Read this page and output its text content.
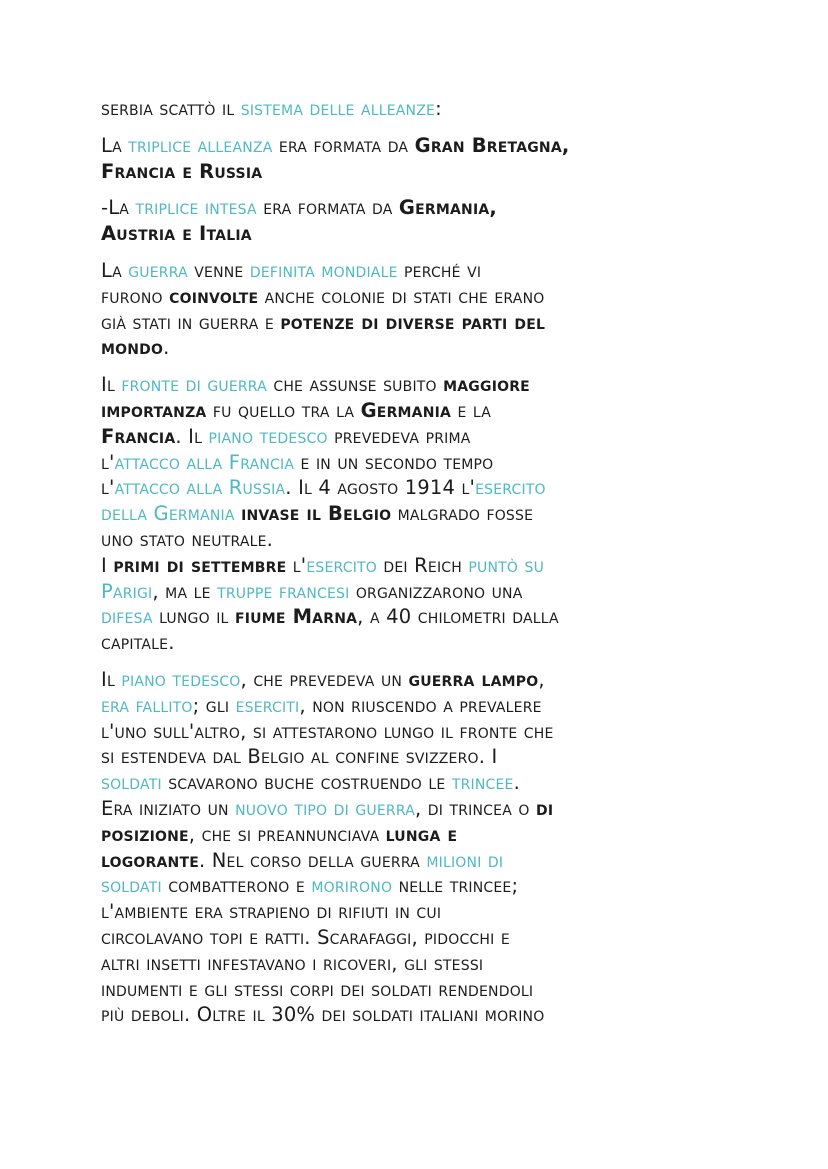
serbia scattò il sistema delle alleanze:
La triplice alleanza era formata da Gran Bretagna,
Francia e Russia
-La triplice intesa era formata da Germania,
Austria e Italia
La guerra venne definita mondiale perché vi
furono coinvolte anche colonie di stati che erano
già stati in guerra e potenze di diverse parti del
mondo.
Il fronte di guerra che assunse subito maggiore
importanza fu quello tra la Germania e la
Francia. Il piano tedesco prevedeva prima
l'attacco alla Francia e in un secondo tempo
l'attacco alla Russia. Il 4 agosto 1914 l'esercito
della Germania invase il Belgio malgrado fosse
uno stato neutrale.
I primi di settembre l'esercito dei Reich puntò su
Parigi, ma le truppe francesi organizzarono una
difesa lungo il fiume Marna, a 40 chilometri dalla
capitale.
Il piano tedesco, che prevedeva un guerra lampo,
era fallito; gli eserciti, non riuscendo a prevalere
l'uno sull'altro, si attestarono lungo il fronte che
si estendeva dal Belgio al confine svizzero. I
soldati scavarono buche costruendo le trincee.
Era iniziato un nuovo tipo di guerra, di trincea o di
posizione, che si preannunciava lunga e
logorante. Nel corso della guerra milioni di
soldati combatterono e morirono nelle trincee;
l'ambiente era strapieno di rifiuti in cui
circolavano topi e ratti. Scarafaggi, pidocchi e
altri insetti infestavano i ricoveri, gli stessi
indumenti e gli stessi corpi dei soldati rendendoli
più deboli. Oltre il 30% dei soldati italiani morino
